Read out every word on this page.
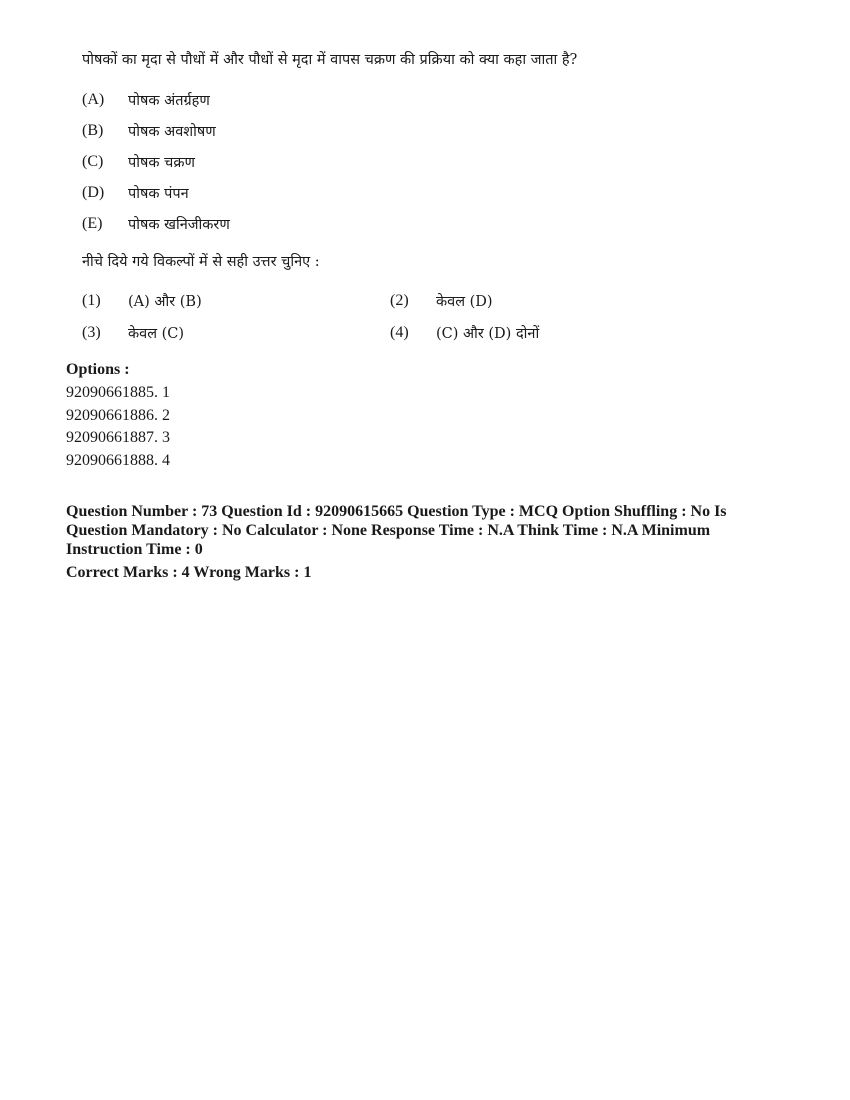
पोषकों का मृदा से पौधों में और पौधों से मृदा में वापस चक्रण की प्रक्रिया को क्या कहा जाता है?

(A)	पोषक अंतर्ग्रहण
(B)	पोषक अवशोषण
(C)	पोषक चक्रण
(D)	पोषक पंपन
(E)	पोषक खनिजीकरण
नीचे दिये गये विकल्पों में से सही उत्तर चुनिए :
(1)	(A) और (B)	(2)	केवल (D)
(3)	केवल (C)	(4)	(C) और (D) दोनों
Options :
92090661885. 1
92090661886. 2
92090661887. 3
92090661888. 4

Question Number : 73 Question Id : 92090615665 Question Type : MCQ Option Shuffling : No Is Question Mandatory : No Calculator : None Response Time : N.A Think Time : N.A Minimum Instruction Time : 0

Correct Marks : 4 Wrong Marks : 1
